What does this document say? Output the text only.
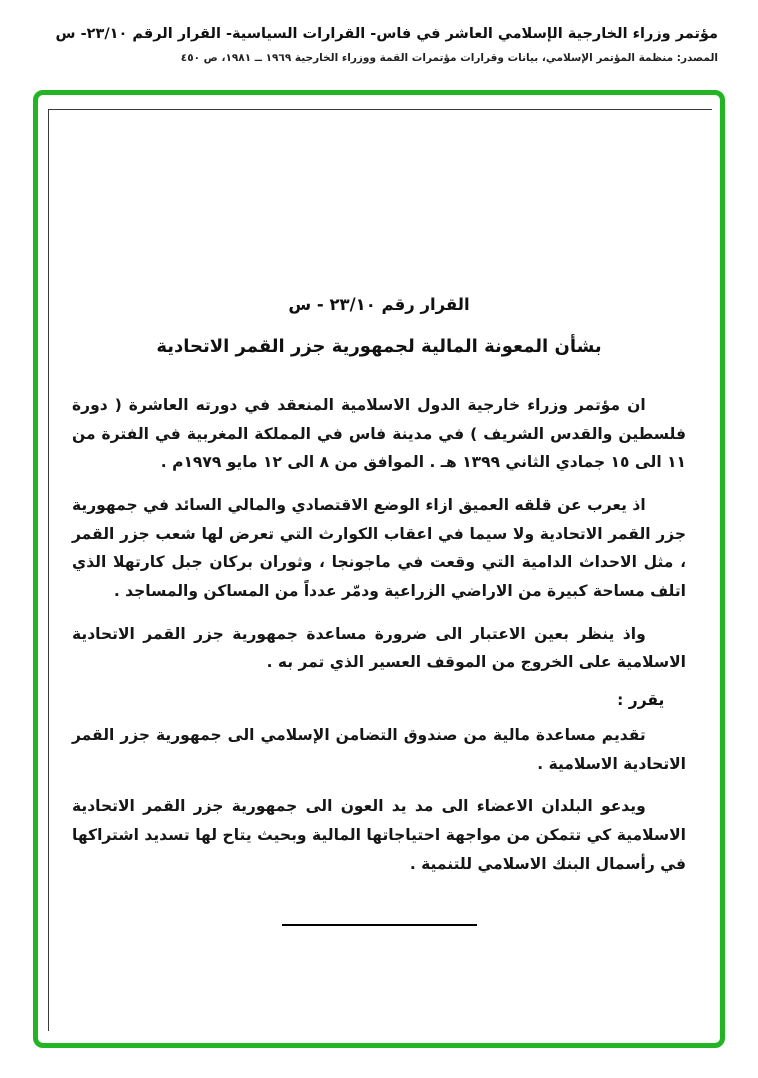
مؤتمر وزراء الخارجية الإسلامي العاشر في فاس- القرارات السياسية- القرار الرقم ٢٣/١٠- س
المصدر: منظمة المؤتمر الإسلامي، بيانات وقرارات مؤتمرات القمة ووزراء الخارجية ١٩٦٩ ــ ١٩٨١، ص ٤٥٠
القرار رقم ٢٣/١٠ - س
بشأن المعونة المالية لجمهورية جزر القمر الاتحادية

ان مؤتمر وزراء خارجية الدول الاسلامية المنعقد في دورته العاشرة ( دورة فلسطين والقدس الشريف ) في مدينة فاس في المملكة المغربية في الفترة من ١١ الى ١٥ جمادي الثاني ١٣٩٩ هـ . الموافق من ٨ الى ١٢ مايو ١٩٧٩م .

اذ يعرب عن قلقه العميق ازاء الوضع الاقتصادي والمالي السائد في جمهورية جزر القمر الاتحادية ولا سيما في اعقاب الكوارث التي تعرض لها شعب جزر القمر ، مثل الاحداث الدامية التي وقعت في ماجونجا ، وثوران بركان جبل كارتهلا الذي اتلف مساحة كبيرة من الاراضي الزراعية ودمّر عدداً من المساكن والمساجد .

واذ ينظر بعين الاعتبار الى ضرورة مساعدة جمهورية جزر القمر الاتحادية الاسلامية على الخروج من الموقف العسير الذي تمر به .

يقرر :

تقديم مساعدة مالية من صندوق التضامن الإسلامي الى جمهورية جزر القمر الاتحادية الاسلامية .

ويدعو البلدان الاعضاء الى مد يد العون الى جمهورية جزر القمر الاتحادية الاسلامية كي تتمكن من مواجهة احتياجاتها المالية وبحيث يتاح لها تسديد اشتراكها في رأسمال البنك الاسلامي للتنمية .
